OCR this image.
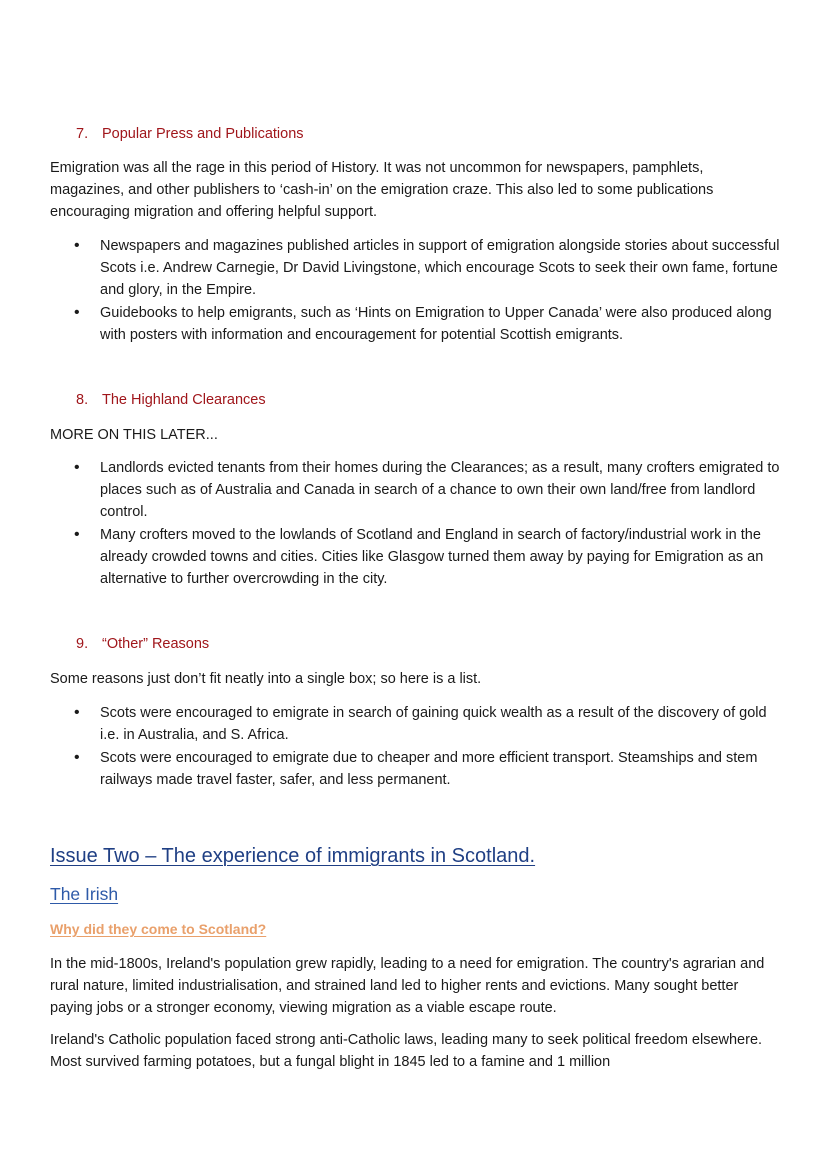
7. Popular Press and Publications

Emigration was all the rage in this period of History. It was not uncommon for newspapers, pamphlets, magazines, and other publishers to ‘cash-in’ on the emigration craze. This also led to some publications encouraging migration and offering helpful support.

• Newspapers and magazines published articles in support of emigration alongside stories about successful Scots i.e. Andrew Carnegie, Dr David Livingstone, which encourage Scots to seek their own fame, fortune and glory, in the Empire.
• Guidebooks to help emigrants, such as ‘Hints on Emigration to Upper Canada’ were also produced along with posters with information and encouragement for potential Scottish emigrants.
8. The Highland Clearances

MORE ON THIS LATER...

• Landlords evicted tenants from their homes during the Clearances; as a result, many crofters emigrated to places such as of Australia and Canada in search of a chance to own their own land/free from landlord control.
• Many crofters moved to the lowlands of Scotland and England in search of factory/industrial work in the already crowded towns and cities. Cities like Glasgow turned them away by paying for Emigration as an alternative to further overcrowding in the city.
9. “Other” Reasons

Some reasons just don’t fit neatly into a single box; so here is a list.

• Scots were encouraged to emigrate in search of gaining quick wealth as a result of the discovery of gold i.e. in Australia, and S. Africa.
• Scots were encouraged to emigrate due to cheaper and more efficient transport. Steamships and stem railways made travel faster, safer, and less permanent.
Issue Two – The experience of immigrants in Scotland.
The Irish
Why did they come to Scotland?

In the mid-1800s, Ireland's population grew rapidly, leading to a need for emigration. The country's agrarian and rural nature, limited industrialisation, and strained land led to higher rents and evictions. Many sought better paying jobs or a stronger economy, viewing migration as a viable escape route.

Ireland's Catholic population faced strong anti-Catholic laws, leading many to seek political freedom elsewhere. Most survived farming potatoes, but a fungal blight in 1845 led to a famine and 1 million
